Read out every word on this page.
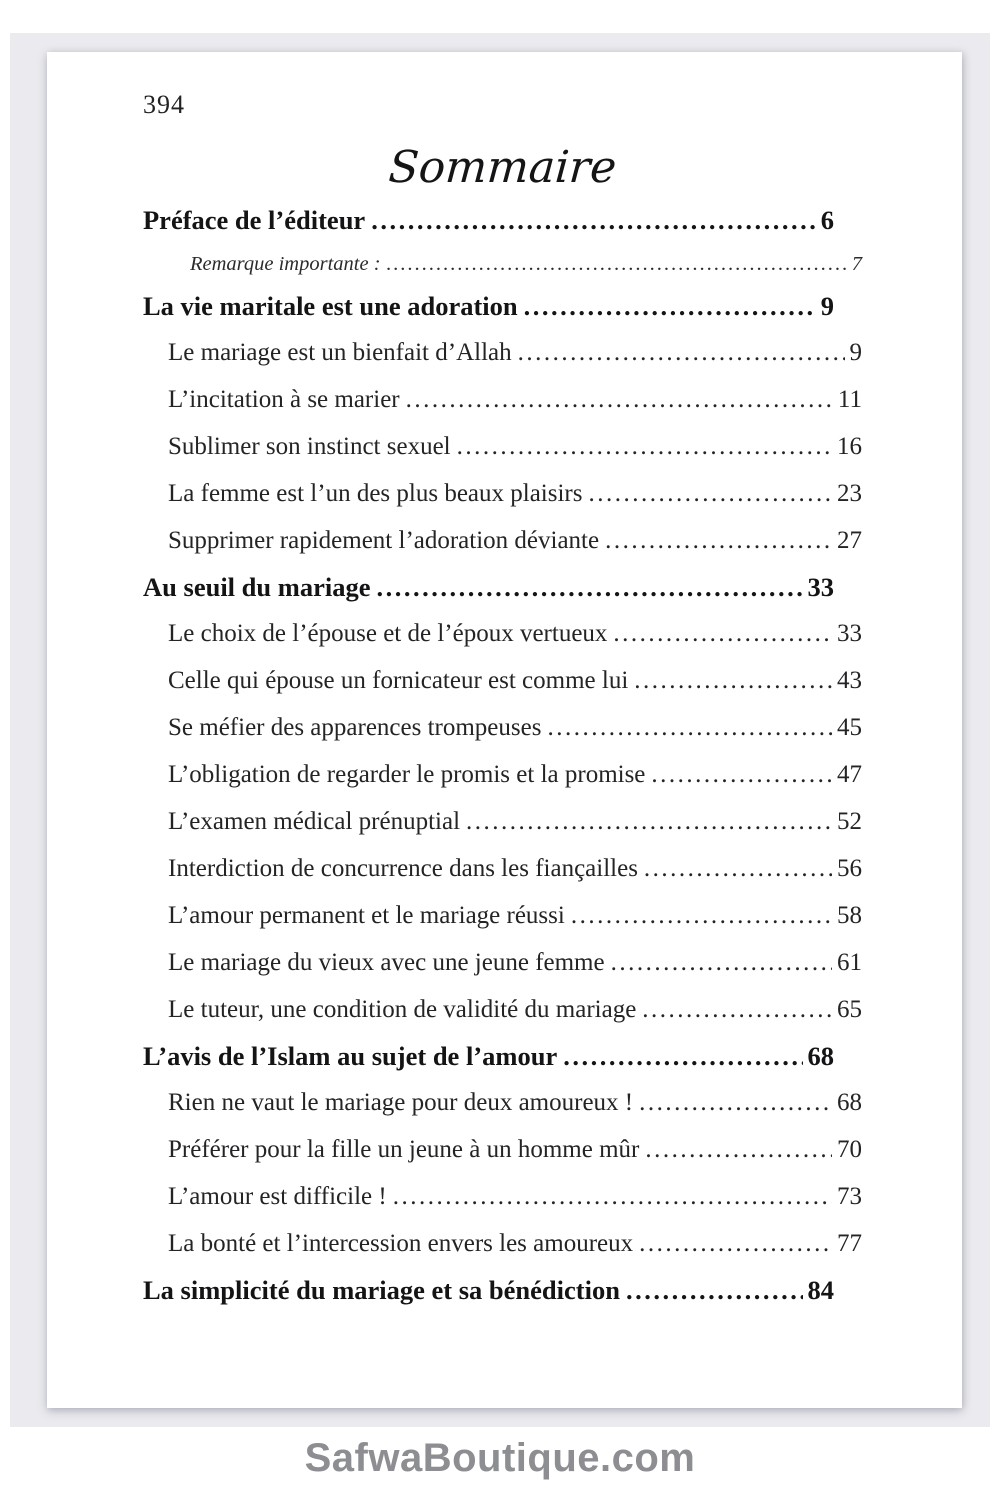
394
Sommaire
Préface de l’éditeur .....	6
Remarque importante : .....	7
La vie maritale est une adoration .....	9
Le mariage est un bienfait d’Allah .....	9
L’incitation à se marier .....	11
Sublimer son instinct sexuel .....	16
La femme est l’un des plus beaux plaisirs .....	23
Supprimer rapidement l’adoration déviante .....	27
Au seuil du mariage .....	33
Le choix de l’épouse et de l’époux vertueux .....	33
Celle qui épouse un fornicateur est comme lui .....	43
Se méfier des apparences trompeuses .....	45
L’obligation de regarder le promis et la promise .....	47
L’examen médical prénuptial .....	52
Interdiction de concurrence dans les fiançailles .....	56
L’amour permanent et le mariage réussi .....	58
Le mariage du vieux avec une jeune femme .....	61
Le tuteur, une condition de validité du mariage .....	65
L’avis de l’Islam au sujet de l’amour .....	68
Rien ne vaut le mariage pour deux amoureux ! .....	68
Préférer pour la fille un jeune à un homme mûr .....	70
L’amour est difficile ! .....	73
La bonté et l’intercession envers les amoureux .....	77
La simplicité du mariage et sa bénédiction .....	84
SafwaBoutique.com
